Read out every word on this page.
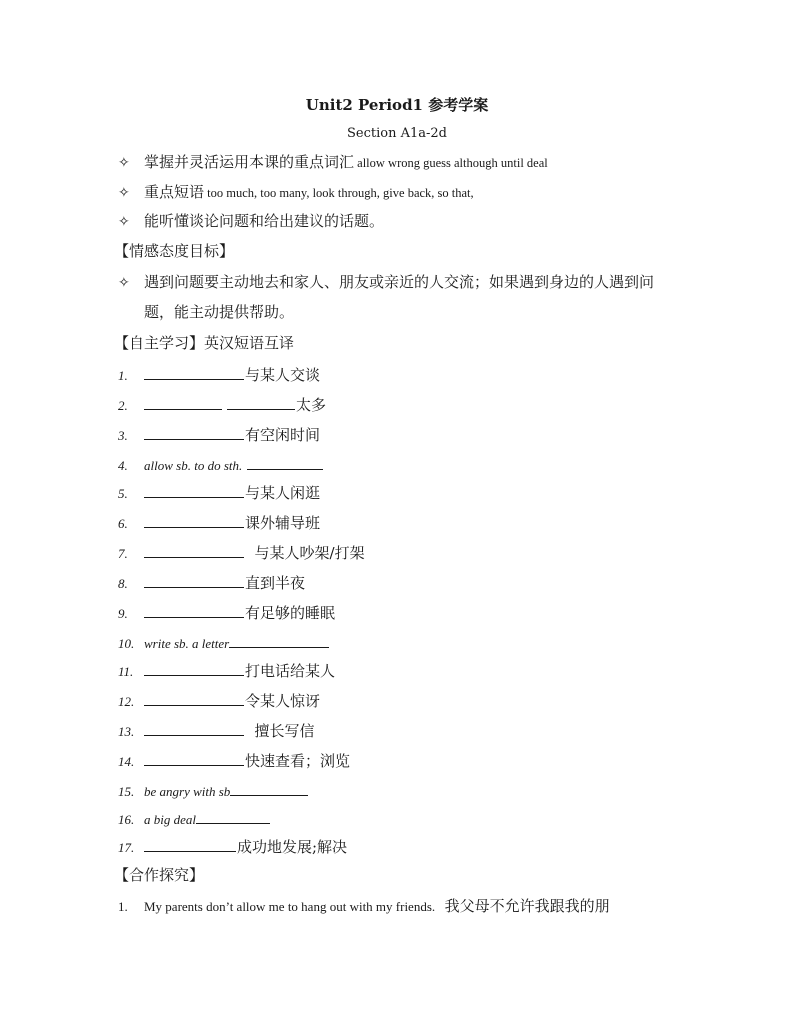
Unit2 Period1 参考学案
Section A1a-2d
✧ 掌握并灵活运用本课的重点词汇 allow wrong guess although until deal
✧ 重点短语 too much, too many, look through, give back, so that,
✧ 能听懂谈论问题和给出建议的话题。
【情感态度目标】
✧ 遇到问题要主动地去和家人、朋友或亲近的人交流；如果遇到身边的人遇到问
题，能主动提供帮助。
【自主学习】英汉短语互译
1.	与某人交谈
2.	太多
3.	有空闲时间
4. allow sb. to do sth.
5.	与某人闲逛
6.	课外辅导班
7.	与某人吵架/打架
8.	直到半夜
9.	有足够的睡眠
10. write sb. a letter
11.	打电话给某人
12.	令某人惊讶
13.	擅长写信
14.	快速查看；浏览
15. be angry with sb
16. a big deal
17.	成功地发展;解决
【合作探究】
1. My parents don’t allow me to hang out with my friends.  我父母不允许我跟我的朋
